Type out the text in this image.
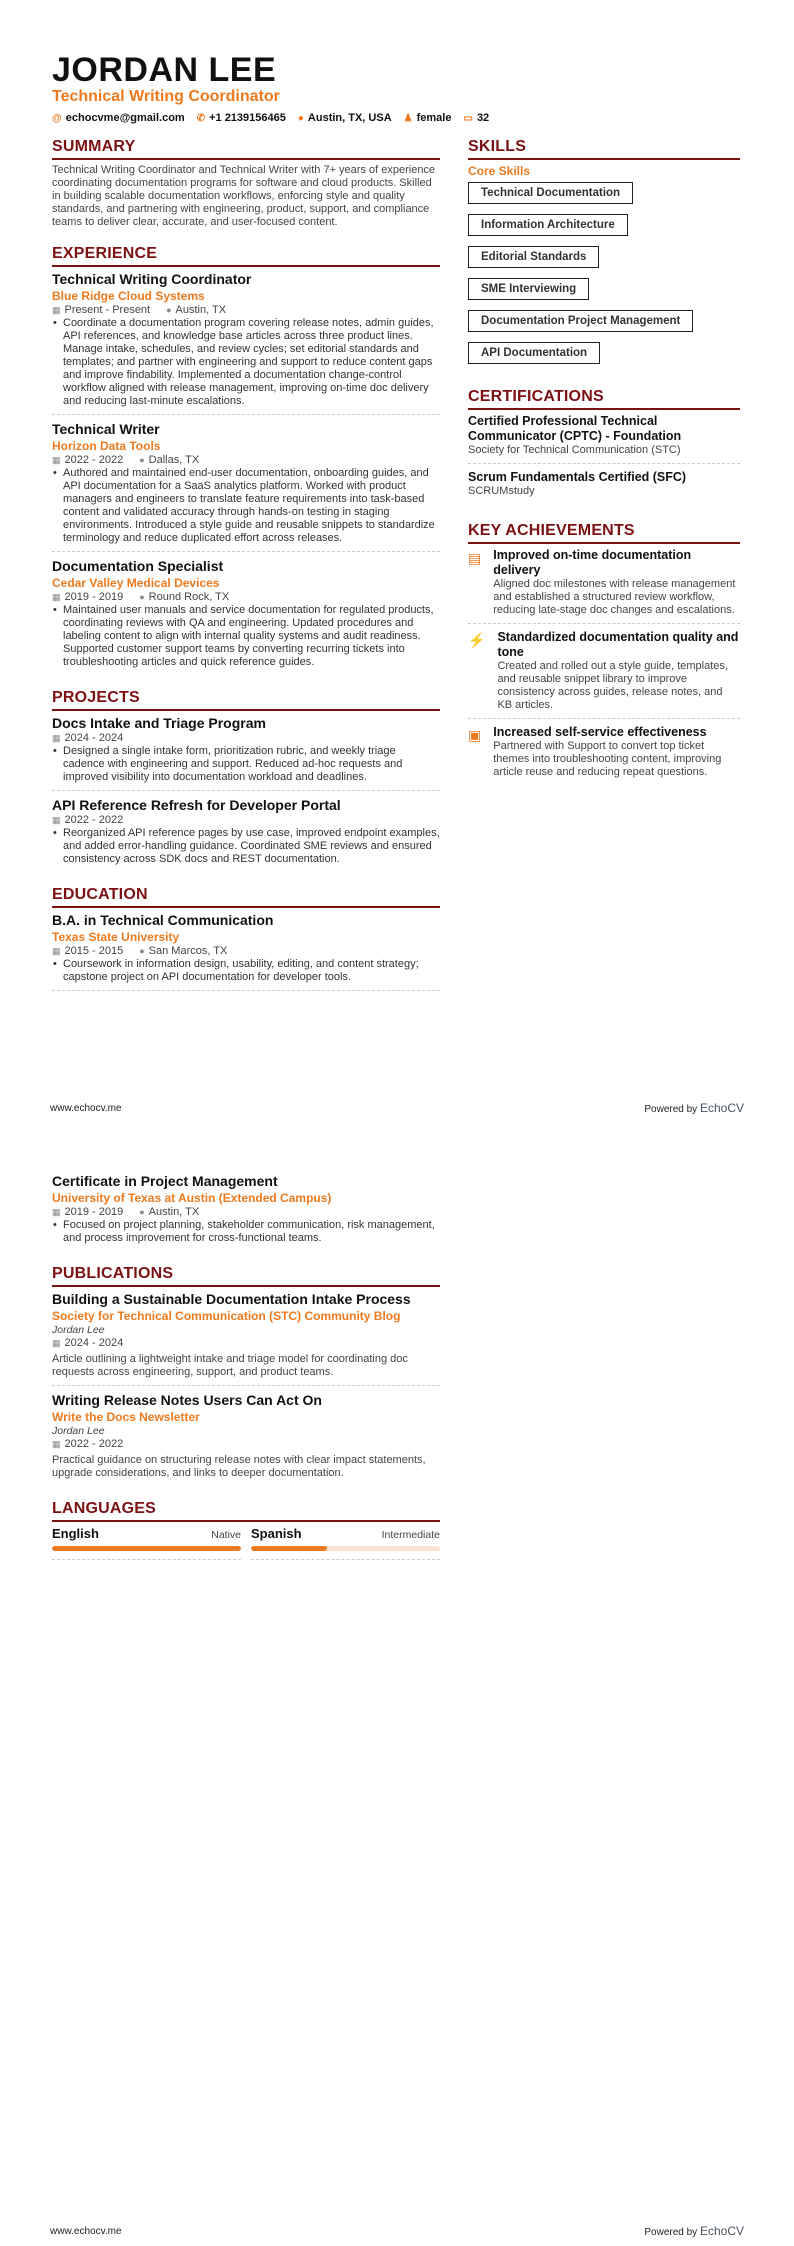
JORDAN LEE
Technical Writing Coordinator
@ echocvme@gmail.com ✆ +1 2139156465 ● Austin, TX, USA ♟ female ▭ 32
SUMMARY

Technical Writing Coordinator and Technical Writer with 7+ years of experience coordinating documentation programs for software and cloud products. Skilled in building scalable documentation workflows, enforcing style and quality standards, and partnering with engineering, product, support, and compliance teams to deliver clear, accurate, and user-focused content.

EXPERIENCE
Technical Writing Coordinator
Blue Ridge Cloud Systems
▦ Present - Present ● Austin, TX
• Coordinate a documentation program covering release notes, admin guides, API references, and knowledge base articles across three product lines. Manage intake, schedules, and review cycles; set editorial standards and templates; and partner with engineering and support to reduce content gaps and improve findability. Implemented a documentation change-control workflow aligned with release management, improving on-time doc delivery and reducing last-minute escalations.
Technical Writer
Horizon Data Tools
▦ 2022 - 2022 ● Dallas, TX
• Authored and maintained end-user documentation, onboarding guides, and API documentation for a SaaS analytics platform. Worked with product managers and engineers to translate feature requirements into task-based content and validated accuracy through hands-on testing in staging environments. Introduced a style guide and reusable snippets to standardize terminology and reduce duplicated effort across releases.
Documentation Specialist
Cedar Valley Medical Devices
▦ 2019 - 2019 ● Round Rock, TX
• Maintained user manuals and service documentation for regulated products, coordinating reviews with QA and engineering. Updated procedures and labeling content to align with internal quality systems and audit readiness. Supported customer support teams by converting recurring tickets into troubleshooting articles and quick reference guides.
PROJECTS
Docs Intake and Triage Program
▦ 2024 - 2024
• Designed a single intake form, prioritization rubric, and weekly triage cadence with engineering and support. Reduced ad-hoc requests and improved visibility into documentation workload and deadlines.
API Reference Refresh for Developer Portal
▦ 2022 - 2022
• Reorganized API reference pages by use case, improved endpoint examples, and added error-handling guidance. Coordinated SME reviews and ensured consistency across SDK docs and REST documentation.
EDUCATION
B.A. in Technical Communication
Texas State University
▦ 2015 - 2015 ● San Marcos, TX
• Coursework in information design, usability, editing, and content strategy; capstone project on API documentation for developer tools.
SKILLS
Core Skills
Technical Documentation
Information Architecture
Editorial Standards
SME Interviewing
Documentation Project Management
API Documentation
CERTIFICATIONS
Certified Professional Technical Communicator (CPTC) - Foundation
Society for Technical Communication (STC)
Scrum Fundamentals Certified (SFC)
SCRUMstudy
KEY ACHIEVEMENTS
▤ Improved on-time documentation delivery
Aligned doc milestones with release management and established a structured review workflow, reducing late-stage doc changes and escalations.
⚡ Standardized documentation quality and tone
Created and rolled out a style guide, templates, and reusable snippet library to improve consistency across guides, release notes, and KB articles.
▣ Increased self-service effectiveness
Partnered with Support to convert top ticket themes into troubleshooting content, improving article reuse and reducing repeat questions.
www.echocv.me	Powered by EchoCV
Certificate in Project Management
University of Texas at Austin (Extended Campus)
▦ 2019 - 2019 ● Austin, TX
• Focused on project planning, stakeholder communication, risk management, and process improvement for cross-functional teams.
PUBLICATIONS
Building a Sustainable Documentation Intake Process
Society for Technical Communication (STC) Community Blog
Jordan Lee
▦ 2024 - 2024

Article outlining a lightweight intake and triage model for coordinating doc requests across engineering, support, and product teams.

Writing Release Notes Users Can Act On
Write the Docs Newsletter
Jordan Lee
▦ 2022 - 2022

Practical guidance on structuring release notes with clear impact statements, upgrade considerations, and links to deeper documentation.

LANGUAGES
English	Native Spanish	Intermediate
www.echocv.me	Powered by EchoCV
